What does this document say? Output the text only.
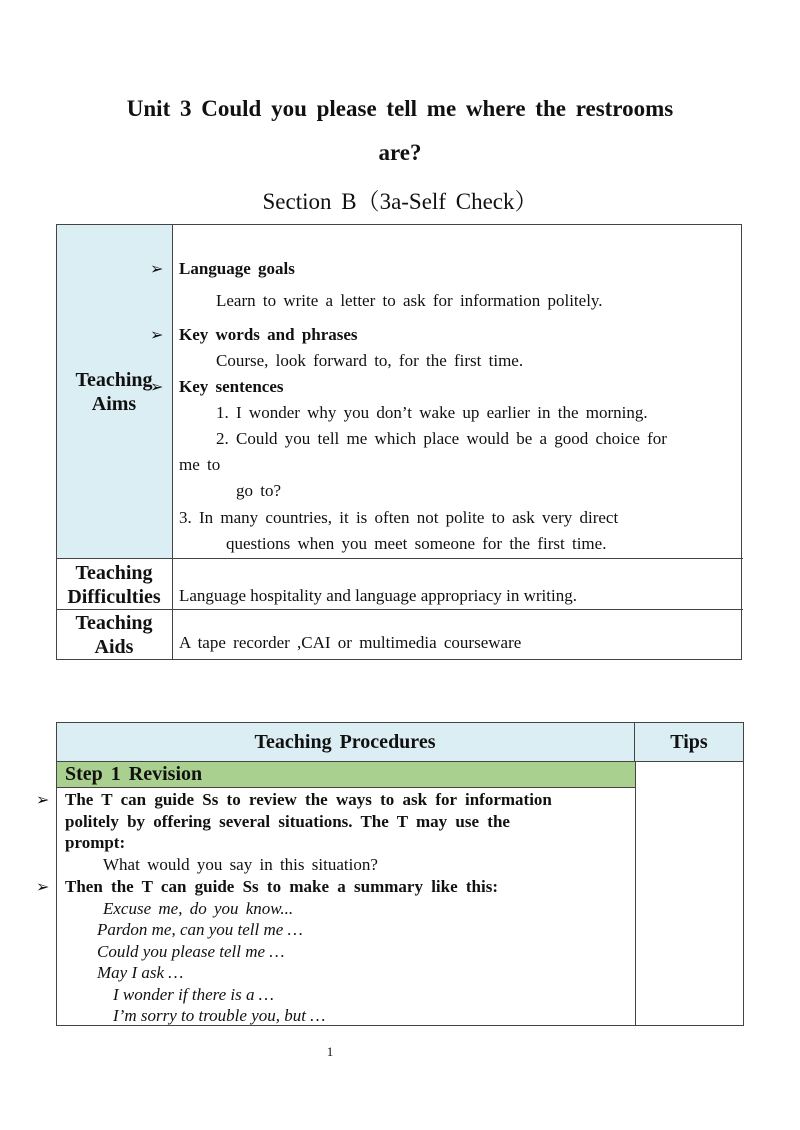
Unit 3 Could you please tell me where the restrooms
are?
Section B（3a-Self Check）
Teaching Aims
Teaching
Difficulties
Teaching
Aids
➢ Language goals
Learn to write a letter to ask for information politely.
➢ Key words and phrases
Course, look forward to, for the first time.
➢ Key sentences
1. I wonder why you don’t wake up earlier in the morning.
2. Could you tell me which place would be a good choice for
me to
go to?
3. In many countries, it is often not polite to ask very direct
questions when you meet someone for the first time.
Language hospitality and language appropriacy in writing.
A tape recorder ,CAI or multimedia courseware
Teaching Procedures	Tips
Step 1 Revision
➢ The T can guide Ss to review the ways to ask for information
politely by offering several situations. The T may use the
prompt:
What would you say in this situation?
➢ Then the T can guide Ss to make a summary like this:
Excuse me, do you know...
Pardon me, can you tell me …
Could you please tell me …
May I ask …
I wonder if there is a …
I’m sorry to trouble you, but …
1
